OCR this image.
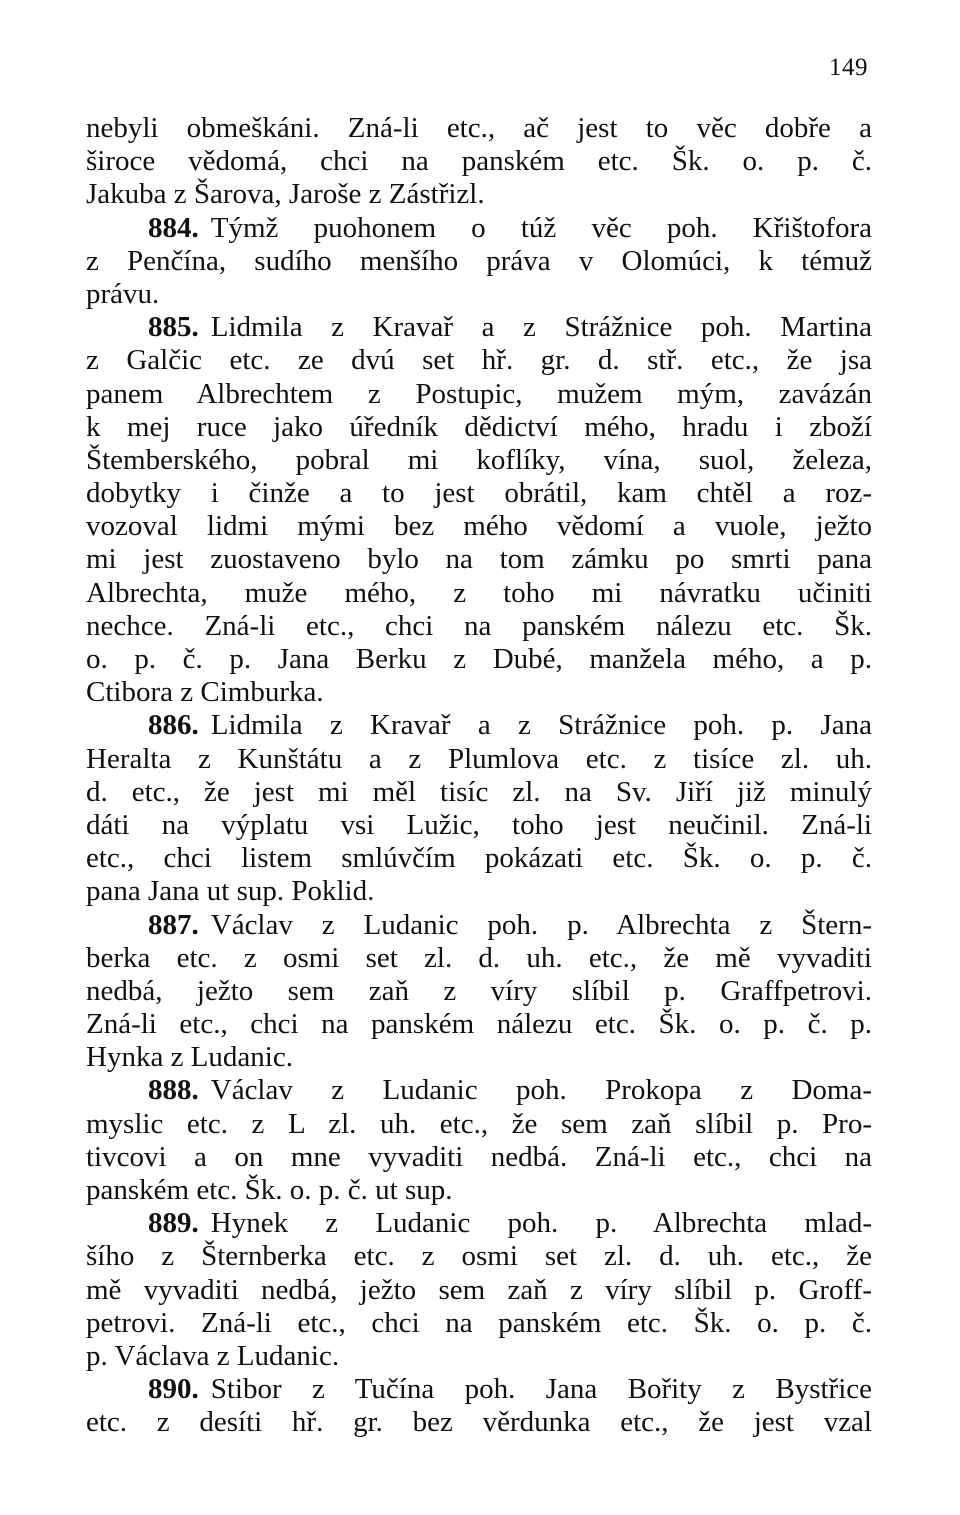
149
nebyli obmeškáni. Zná-li etc., ač jest to věc dobře a
široce vědomá, chci na panském etc. Šk. o. p. č.
Jakuba z Šarova, Jaroše z Zástřizl.
884. Týmž puohonem o túž věc poh. Křištofora
z Penčína, sudího menšího práva v Olomúci, k témuž
právu.
885. Lidmila z Kravař a z Strážnice poh. Martina
z Galčic etc. ze dvú set hř. gr. d. stř. etc., že jsa
panem Albrechtem z Postupic, mužem mým, zavázán
k mej ruce jako úředník dědictví mého, hradu i zboží
Štemberského, pobral mi koflíky, vína, suol, železa,
dobytky i činže a to jest obrátil, kam chtěl a roz-
vozoval lidmi mými bez mého vědomí a vuole, ježto
mi jest zuostaveno bylo na tom zámku po smrti pana
Albrechta, muže mého, z toho mi návratku učiniti
nechce. Zná-li etc., chci na panském nálezu etc. Šk.
o. p. č. p. Jana Berku z Dubé, manžela mého, a p.
Ctibora z Cimburka.
886. Lidmila z Kravař a z Strážnice poh. p. Jana
Heralta z Kunštátu a z Plumlova etc. z tisíce zl. uh.
d. etc., že jest mi měl tisíc zl. na Sv. Jiří již minulý
dáti na výplatu vsi Lužic, toho jest neučinil. Zná-li
etc., chci listem smlúvčím pokázati etc. Šk. o. p. č.
pana Jana ut sup. Poklid.
887. Václav z Ludanic poh. p. Albrechta z Štern-
berka etc. z osmi set zl. d. uh. etc., že mě vyvaditi
nedbá, ježto sem zaň z víry slíbil p. Graffpetrovi.
Zná-li etc., chci na panském nálezu etc. Šk. o. p. č. p.
Hynka z Ludanic.
888. Václav z Ludanic poh. Prokopa z Doma-
myslic etc. z L zl. uh. etc., že sem zaň slíbil p. Pro-
tivcovi a on mne vyvaditi nedbá. Zná-li etc., chci na
panském etc. Šk. o. p. č. ut sup.
889. Hynek z Ludanic poh. p. Albrechta mlad-
šího z Šternberka etc. z osmi set zl. d. uh. etc., že
mě vyvaditi nedbá, ježto sem zaň z víry slíbil p. Groff-
petrovi. Zná-li etc., chci na panském etc. Šk. o. p. č.
p. Václava z Ludanic.
890. Stibor z Tučína poh. Jana Bořity z Bystřice
etc. z desíti hř. gr. bez věrdunka etc., že jest vzal
